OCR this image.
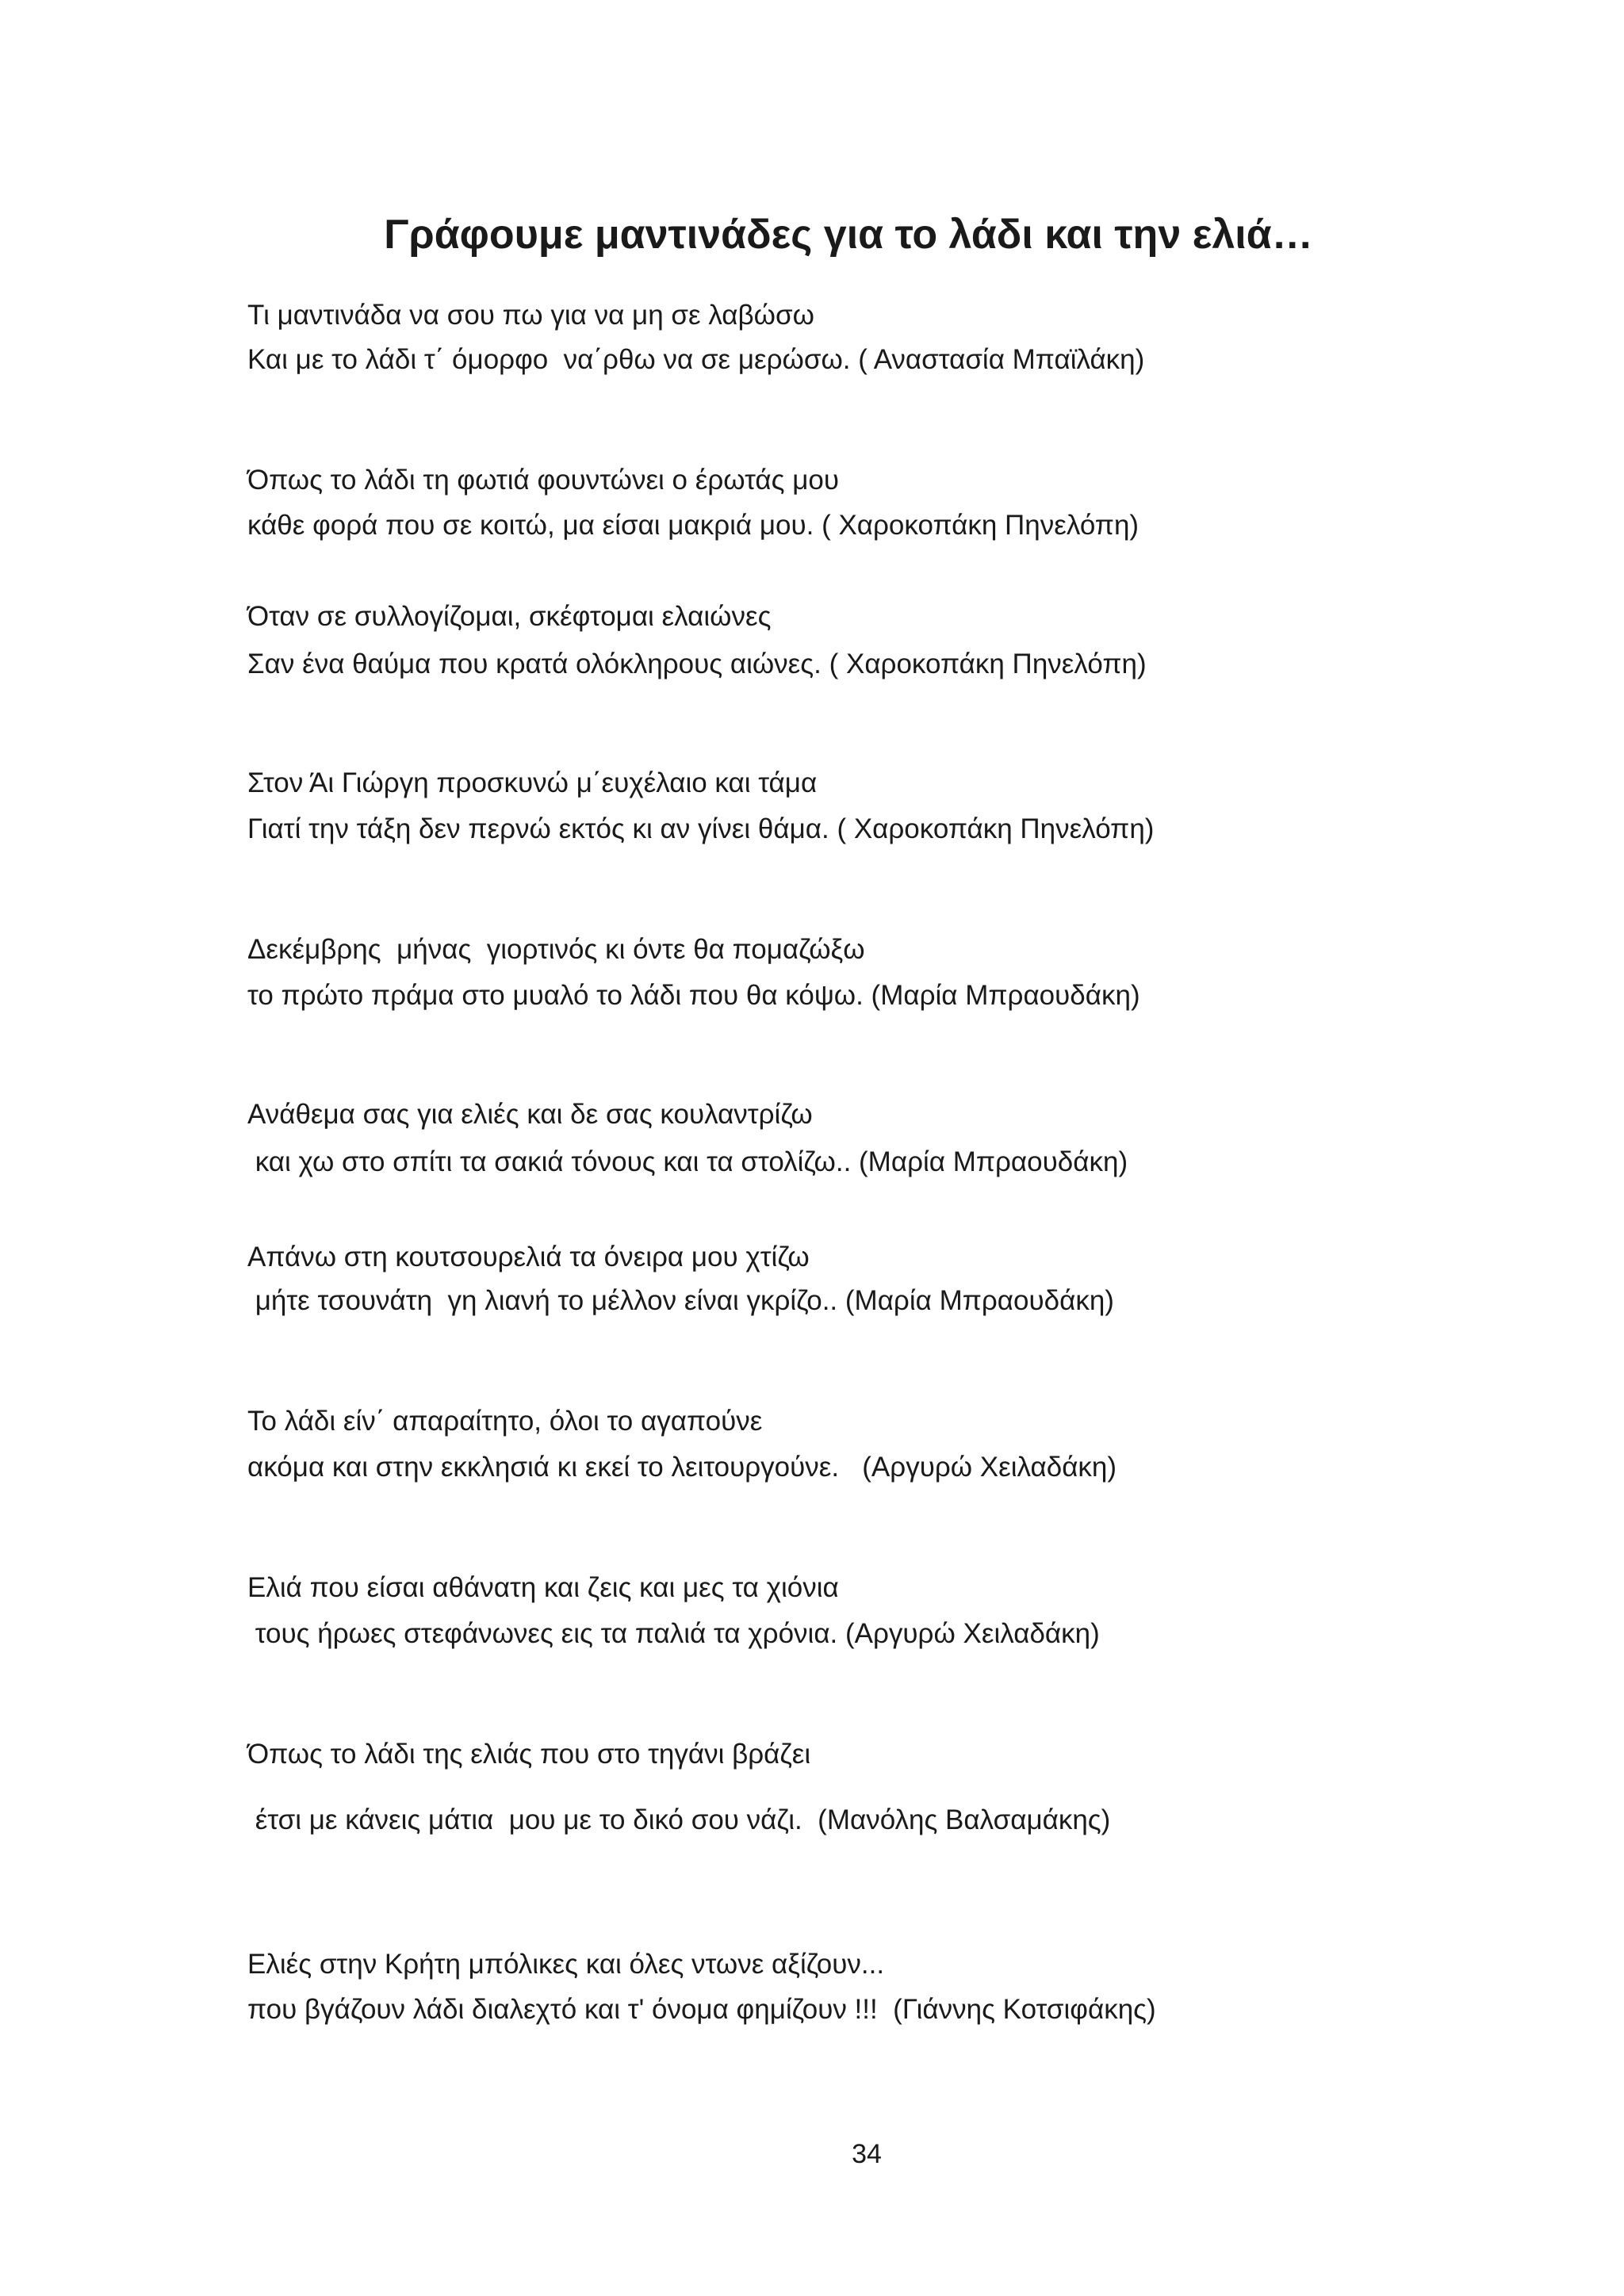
Γράφουμε μαντινάδες για το λάδι και την ελιά…
Τι μαντινάδα να σου πω για να μη σε λαβώσω
Και με το λάδι τ΄ όμορφο  να΄ρθω να σε μερώσω. ( Αναστασία Μπαϊλάκη)
Όπως το λάδι τη φωτιά φουντώνει ο έρωτάς μου
κάθε φορά που σε κοιτώ, μα είσαι μακριά μου. ( Χαροκοπάκη Πηνελόπη)
Όταν σε συλλογίζομαι, σκέφτομαι ελαιώνες
Σαν ένα θαύμα που κρατά ολόκληρους αιώνες. ( Χαροκοπάκη Πηνελόπη)
Στον Άι Γιώργη προσκυνώ μ΄ευχέλαιο και τάμα
Γιατί την τάξη δεν περνώ εκτός κι αν γίνει θάμα. ( Χαροκοπάκη Πηνελόπη)
Δεκέμβρης  μήνας  γιορτινός κι όντε θα πομαζώξω
το πρώτο πράμα στο μυαλό το λάδι που θα κόψω. (Μαρία Μπραουδάκη)
Ανάθεμα σας για ελιές και δε σας κουλαντρίζω
και χω στο σπίτι τα σακιά τόνους και τα στολίζω.. (Μαρία Μπραουδάκη)
Απάνω στη κουτσουρελιά τα όνειρα μου χτίζω
μήτε τσουνάτη  γη λιανή το μέλλον είναι γκρίζο.. (Μαρία Μπραουδάκη)
Το λάδι είν΄ απαραίτητο, όλοι το αγαπούνε
ακόμα και στην εκκλησιά κι εκεί το λειτουργούνε.   (Αργυρώ Χειλαδάκη)
Ελιά που είσαι αθάνατη και ζεις και μες τα χιόνια
τους ήρωες στεφάνωνες εις τα παλιά τα χρόνια. (Αργυρώ Χειλαδάκη)
Όπως το λάδι της ελιάς που στο τηγάνι βράζει
έτσι με κάνεις μάτια  μου με το δικό σου νάζι.  (Μανόλης Βαλσαμάκης)
Ελιές στην Κρήτη μπόλικες και όλες ντωνε αξίζουν...
που βγάζουν λάδι διαλεχτό και τ' όνομα φημίζουν !!!  (Γιάννης Κοτσιφάκης)
34
